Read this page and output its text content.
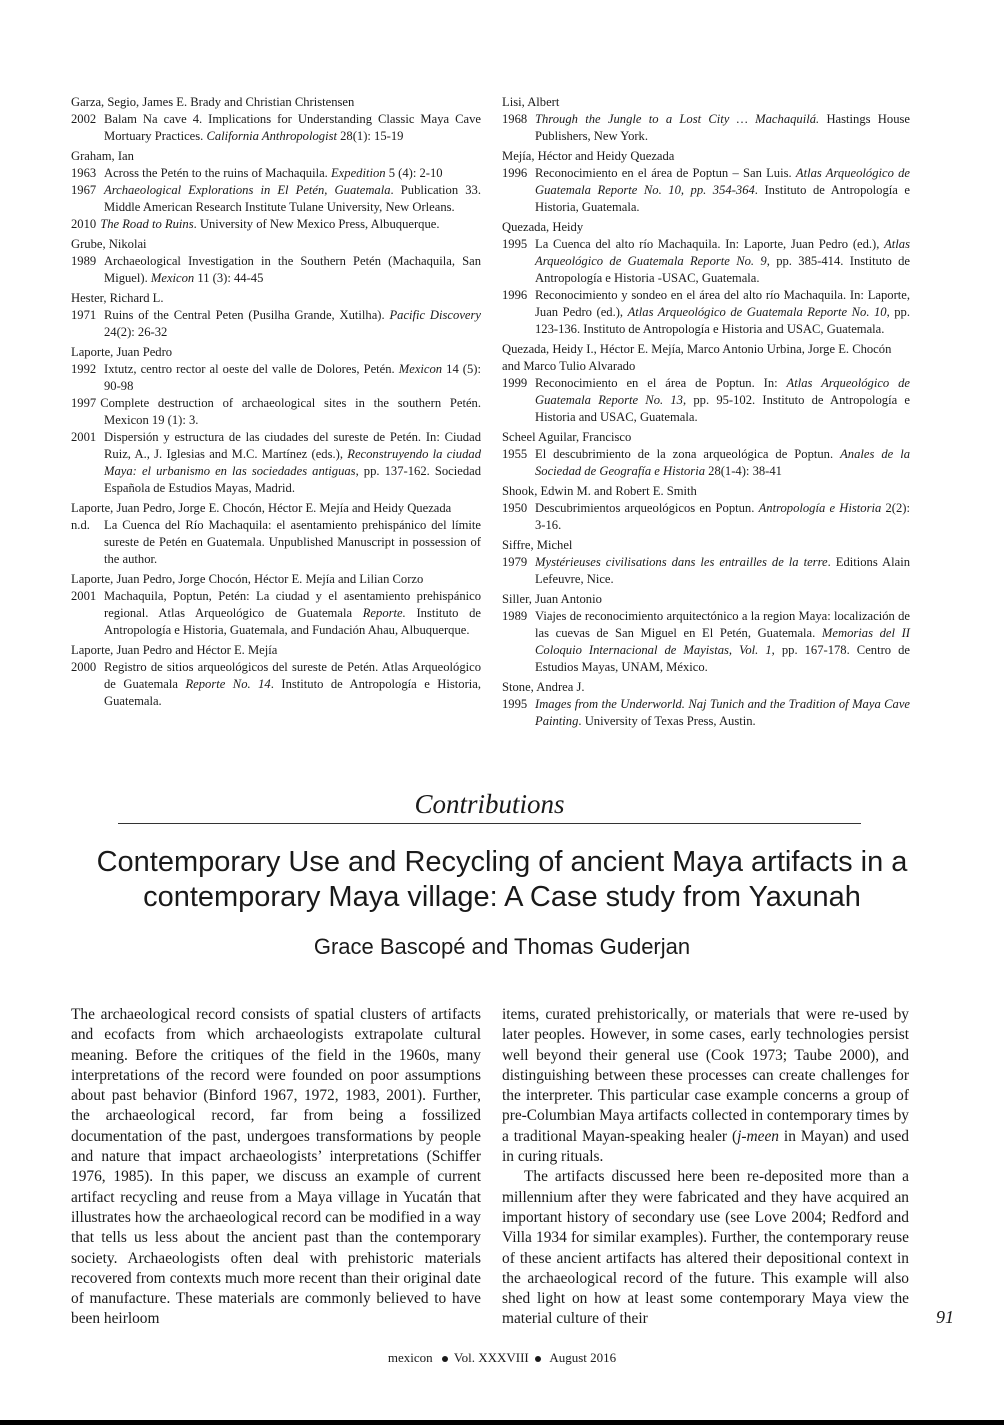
Garza, Segio, James E. Brady and Christian Christensen
2002 Balam Na cave 4. Implications for Understanding Classic Maya Cave Mortuary Practices. California Anthropologist 28(1): 15-19
Graham, Ian
1963 Across the Petén to the ruins of Machaquila. Expedition 5 (4): 2-10
1967 Archaeological Explorations in El Petén, Guatemala. Publication 33. Middle American Research Institute Tulane University, New Orleans.
2010 The Road to Ruins. University of New Mexico Press, Albuquerque.
Grube, Nikolai
1989 Archaeological Investigation in the Southern Petén (Machaquila, San Miguel). Mexicon 11 (3): 44-45
Hester, Richard L.
1971 Ruins of the Central Peten (Pusilha Grande, Xutilha). Pacific Discovery 24(2): 26-32
Laporte, Juan Pedro
1992 Ixtutz, centro rector al oeste del valle de Dolores, Petén. Mexicon 14 (5): 90-98
1997 Complete destruction of archaeological sites in the southern Petén. Mexicon 19 (1): 3.
2001 Dispersión y estructura de las ciudades del sureste de Petén. In: Ciudad Ruiz, A., J. Iglesias and M.C. Martínez (eds.), Reconstruyendo la ciudad Maya: el urbanismo en las sociedades antiguas, pp. 137-162. Sociedad Española de Estudios Mayas, Madrid.
Laporte, Juan Pedro, Jorge E. Chocón, Héctor E. Mejía and Heidy Quezada
n.d. La Cuenca del Río Machaquila: el asentamiento prehispánico del límite sureste de Petén en Guatemala. Unpublished Manuscript in possession of the author.
Laporte, Juan Pedro, Jorge Chocón, Héctor E. Mejía and Lilian Corzo
2001 Machaquila, Poptun, Petén: La ciudad y el asentamiento prehispánico regional. Atlas Arqueológico de Guatemala Reporte. Instituto de Antropología e Historia, Guatemala, and Fundación Ahau, Albuquerque.
Laporte, Juan Pedro and Héctor E. Mejía
2000 Registro de sitios arqueológicos del sureste de Petén. Atlas Arqueológico de Guatemala Reporte No. 14. Instituto de Antropología e Historia, Guatemala.
Lisi, Albert
1968 Through the Jungle to a Lost City … Machaquilá. Hastings House Publishers, New York.
Mejía, Héctor and Heidy Quezada
1996 Reconocimiento en el área de Poptun – San Luis. Atlas Arqueológico de Guatemala Reporte No. 10, pp. 354-364. Instituto de Antropología e Historia, Guatemala.
Quezada, Heidy
1995 La Cuenca del alto río Machaquila. In: Laporte, Juan Pedro (ed.), Atlas Arqueológico de Guatemala Reporte No. 9, pp. 385-414. Instituto de Antropología e Historia -USAC, Guatemala.
1996 Reconocimiento y sondeo en el área del alto río Machaquila. In: Laporte, Juan Pedro (ed.), Atlas Arqueológico de Guatemala Reporte No. 10, pp. 123-136. Instituto de Antropología e Historia and USAC, Guatemala.
Quezada, Heidy I., Héctor E. Mejía, Marco Antonio Urbina, Jorge E. Chocón and Marco Tulio Alvarado
1999 Reconocimiento en el área de Poptun. In: Atlas Arqueológico de Guatemala Reporte No. 13, pp. 95-102. Instituto de Antropología e Historia and USAC, Guatemala.
Scheel Aguilar, Francisco
1955 El descubrimiento de la zona arqueológica de Poptun. Anales de la Sociedad de Geografía e Historia 28(1-4): 38-41
Shook, Edwin M. and Robert E. Smith
1950 Descubrimientos arqueológicos en Poptun. Antropología e Historia 2(2): 3-16.
Siffre, Michel
1979 Mystérieuses civilisations dans les entrailles de la terre. Editions Alain Lefeuvre, Nice.
Siller, Juan Antonio
1989 Viajes de reconocimiento arquitectónico a la region Maya: localización de las cuevas de San Miguel en El Petén, Guatemala. Memorias del II Coloquio Internacional de Mayistas, Vol. 1, pp. 167-178. Centro de Estudios Mayas, UNAM, México.
Stone, Andrea J.
1995 Images from the Underworld. Naj Tunich and the Tradition of Maya Cave Painting. University of Texas Press, Austin.
Contributions
Contemporary Use and Recycling of ancient Maya artifacts in a contemporary Maya village: A Case study from Yaxunah
Grace Bascopé and Thomas Guderjan

The archaeological record consists of spatial clusters of artifacts and ecofacts from which archaeologists extrapolate cultural meaning. Before the critiques of the field in the 1960s, many interpretations of the record were founded on poor assumptions about past behavior (Binford 1967, 1972, 1983, 2001). Further, the archaeological record, far from being a fossilized documentation of the past, undergoes transformations by people and nature that impact archaeologists’ interpretations (Schiffer 1976, 1985). In this paper, we discuss an example of current artifact recycling and reuse from a Maya village in Yucatán that illustrates how the archaeological record can be modified in a way that tells us less about the ancient past than the contemporary society. Archaeologists often deal with prehistoric materials recovered from contexts much more recent than their original date of manufacture. These materials are commonly believed to have been heirloom

items, curated prehistorically, or materials that were re-used by later peoples. However, in some cases, early technologies persist well beyond their general use (Cook 1973; Taube 2000), and distinguishing between these processes can create challenges for the interpreter. This particular case example concerns a group of pre-Columbian Maya artifacts collected in contemporary times by a traditional Mayan-speaking healer (j-meen in Mayan) and used in curing rituals.

The artifacts discussed here been re-deposited more than a millennium after they were fabricated and they have acquired an important history of secondary use (see Love 2004; Redford and Villa 1934 for similar examples). Further, the contemporary reuse of these ancient artifacts has altered their depositional context in the archaeological record of the future. This example will also shed light on how at least some contemporary Maya view the material culture of their	91
mexicon Vol. XXXVIII August 2016
